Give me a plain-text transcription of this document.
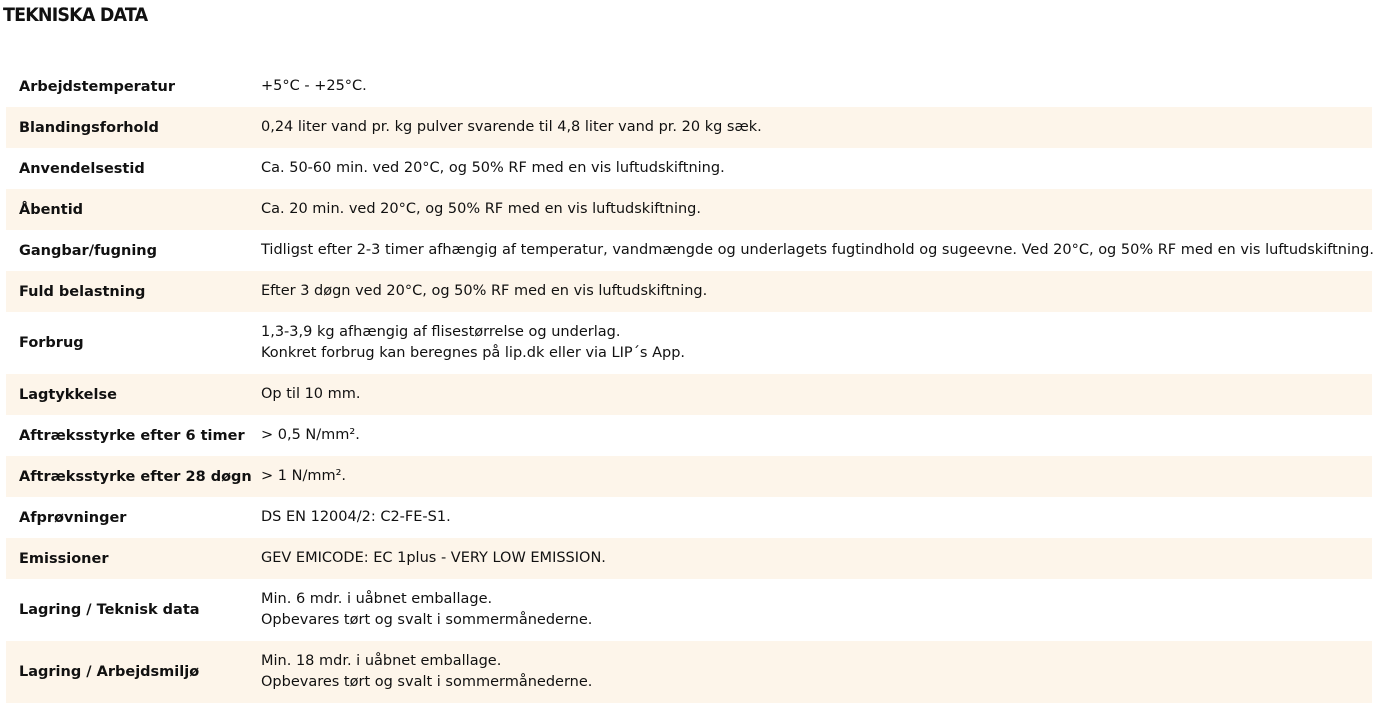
TEKNISKA DATA
Arbejdstemperatur	+5°C - +25°C.

Blandingsforhold	0,24 liter vand pr. kg pulver svarende til 4,8 liter vand pr. 20 kg sæk.

Anvendelsestid	Ca. 50-60 min. ved 20°C, og 50% RF med en vis luftudskiftning.

Åbentid	Ca. 20 min. ved 20°C, og 50% RF med en vis luftudskiftning.

Gangbar/fugning	Tidligst efter 2-3 timer afhængig af temperatur, vandmængde og underlagets fugtindhold og sugeevne. Ved 20°C, og 50% RF med en vis luftudskiftning.

Fuld belastning	Efter 3 døgn ved 20°C, og 50% RF med en vis luftudskiftning.

Forbrug	1,3-3,9 kg afhængig af flisestørrelse og underlag.
Konkret forbrug kan beregnes på lip.dk eller via LIP´s App.

Lagtykkelse	Op til 10 mm.

Aftræksstyrke efter 6 timer	> 0,5 N/mm².

Aftræksstyrke efter 28 døgn	> 1 N/mm².

Afprøvninger	DS EN 12004/2: C2-FE-S1.

Emissioner	GEV EMICODE: EC 1plus - VERY LOW EMISSION.

Lagring / Teknisk data	Min. 6 mdr. i uåbnet emballage.
Opbevares tørt og svalt i sommermånederne.

Lagring / Arbejdsmiljø	Min. 18 mdr. i uåbnet emballage.
Opbevares tørt og svalt i sommermånederne.
